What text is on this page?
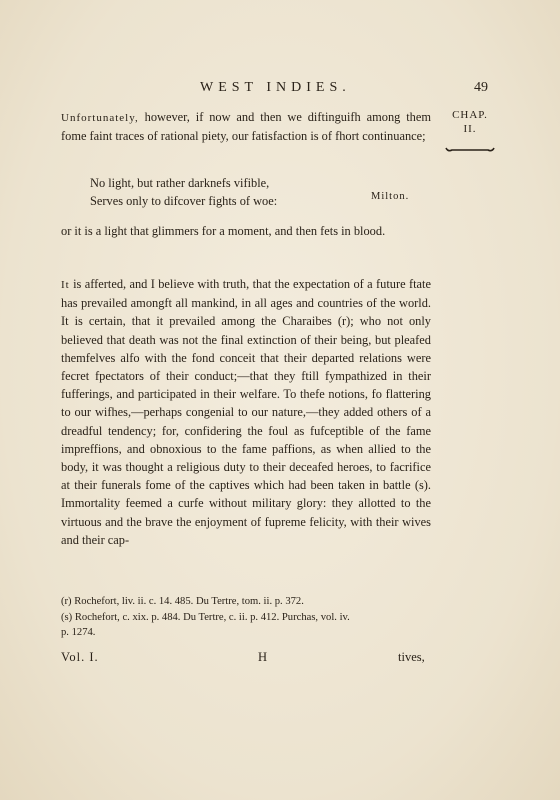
WEST INDIES.	49
CHAP.
II.
Unfortunately, however, if now and then we diftinguifh among them fome faint traces of rational piety, our fatisfaction is of fhort continuance;
No light, but rather darknefs vifible,
Serves only to difcover fights of woe:	Milton.
or it is a light that glimmers for a moment, and then fets in blood.
It is afferted, and I believe with truth, that the expectation of a future ftate has prevailed amongft all mankind, in all ages and countries of the world. It is certain, that it prevailed among the Charaibes (r); who not only believed that death was not the final extinction of their being, but pleafed themfelves alfo with the fond conceit that their departed relations were fecret fpectators of their conduct;—that they ftill fympathized in their fufferings, and participated in their welfare. To thefe notions, fo flattering to our wifhes,—perhaps congenial to our nature,—they added others of a dreadful tendency; for, confidering the foul as fufceptible of the fame impreffions, and obnoxious to the fame paffions, as when allied to the body, it was thought a religious duty to their deceafed heroes, to facrifice at their funerals fome of the captives which had been taken in battle (s). Immortality feemed a curfe without military glory: they allotted to the virtuous and the brave the enjoyment of fupreme felicity, with their wives and their cap-
(r) Rochefort, liv. ii. c. 14. 485. Du Tertre, tom. ii. p. 372.
(s) Rochefort, c. xix. p. 484. Du Tertre, c. ii. p. 412. Purchas, vol. iv.
p. 1274.
Vol. I.	H	tives,
